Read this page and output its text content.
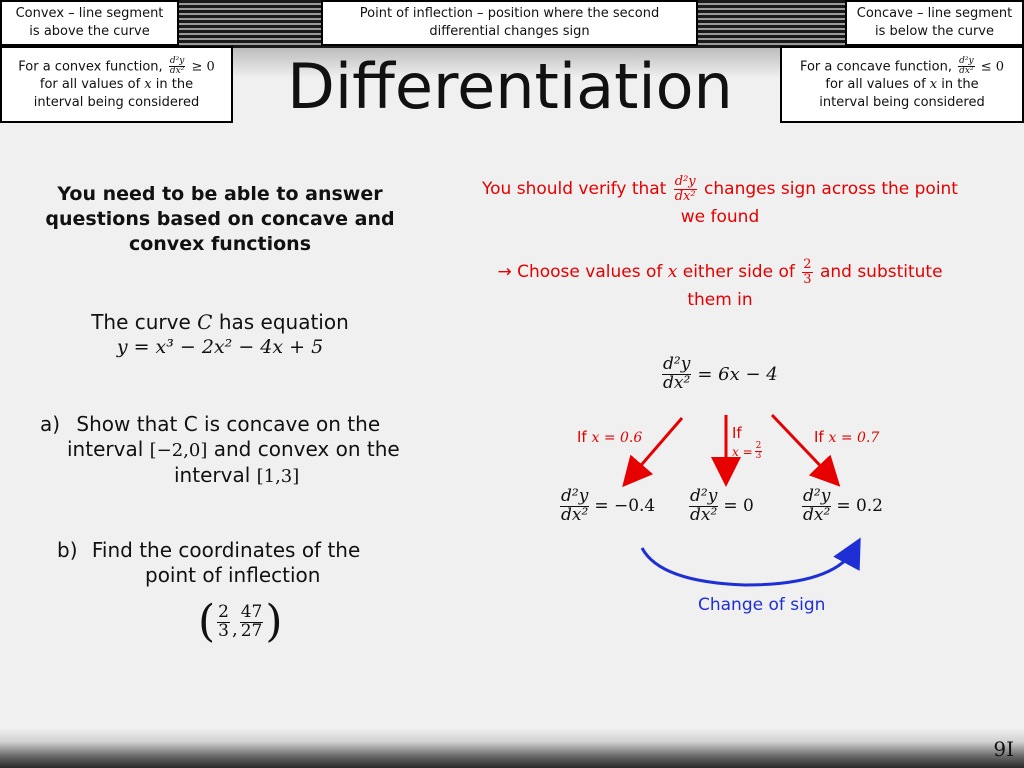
Convex – line segment is above the curve
Point of inflection – position where the second differential changes sign
Concave – line segment is below the curve
For a convex function, $\frac{\text{d²y}}{\text{dx²}} \ge 0$
for all values of x in the
interval being considered
For a concave function, $\frac{\text{d²y}}{\text{dx²}} \le 0$
for all values of x in the
interval being considered
Differentiation
You need to be able to answer questions based on concave and convex functions
The curve C has equation
y = x³ − 2x² − 4x + 5
a) Show that C is concave on the
interval [−2,0] and convex on the
interval [1,3]
b) Find the coordinates of the
point of inflection
( $\frac{2}{3}$ , $\frac{47}{27}$ )
You should verify that $\frac{\text{d²y}}{\text{dx²}}$ changes sign across the point
we found
→ Choose values of x either side of $\frac{2}{3}$ and substitute
them in
$\frac{\text{d²y}}{\text{dx²}} = 6x - 4$
If x = 0.6	If
$x = \frac{2}{3}$
If x = 0.7
$\frac{\text{d²y}}{\text{dx²}} = -0.4 \frac{\text{d²y}}{\text{dx²}} = 0$	$\frac{\text{d²y}}{\text{dx²}} = 0.2$
Change of sign
9I
